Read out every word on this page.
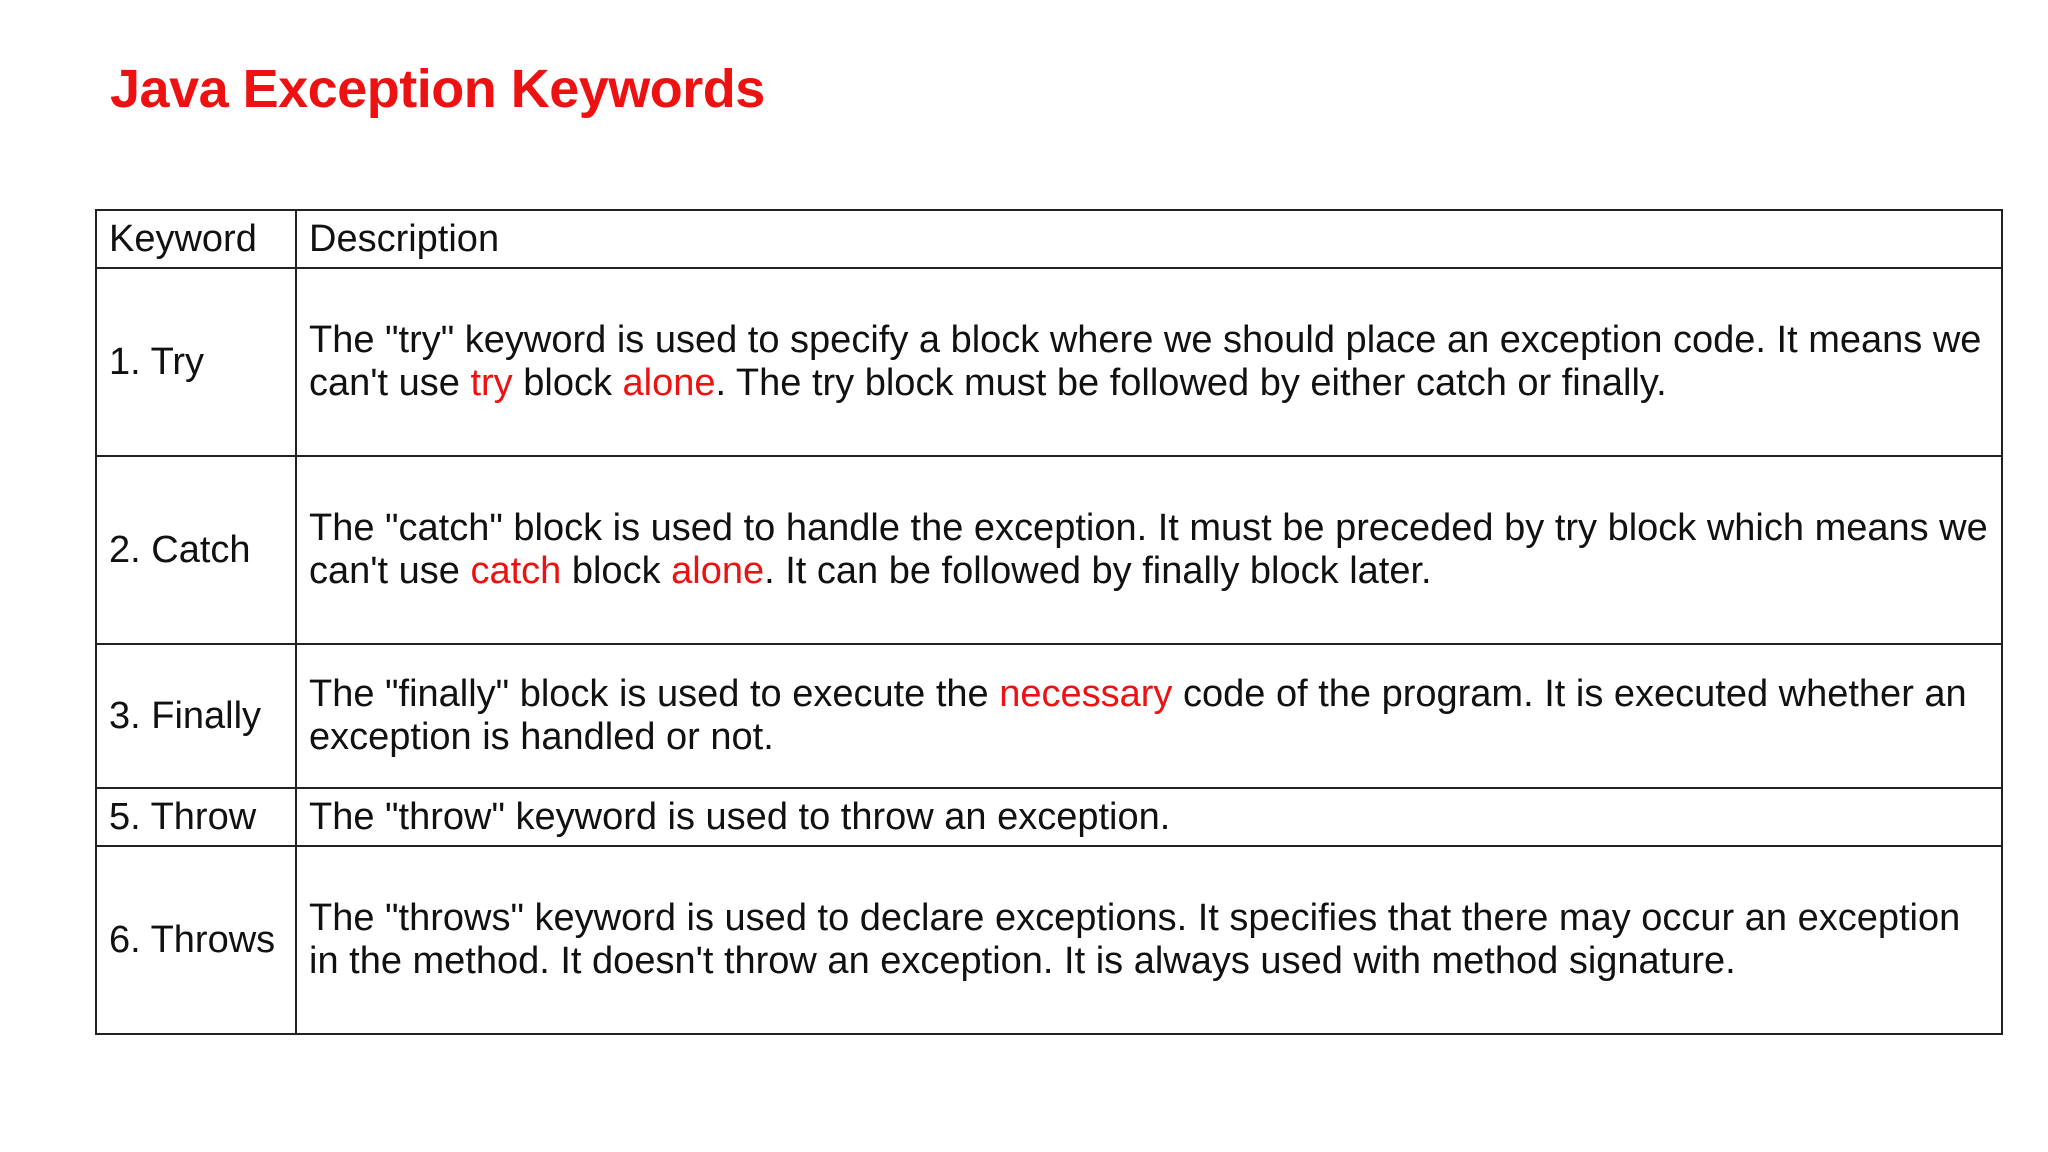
Java Exception Keywords
Keyword	Description
1. Try	The "try" keyword is used to specify a block where we should place an exception code. It means we can't use try block alone. The try block must be followed by either catch or finally.
2. Catch	The "catch" block is used to handle the exception. It must be preceded by try block which means we can't use catch block alone. It can be followed by finally block later.
3. Finally	The "finally" block is used to execute the necessary code of the program. It is executed whether an exception is handled or not.
5. Throw	The "throw" keyword is used to throw an exception.
6. Throws	The "throws" keyword is used to declare exceptions. It specifies that there may occur an exception in the method. It doesn't throw an exception. It is always used with method signature.
